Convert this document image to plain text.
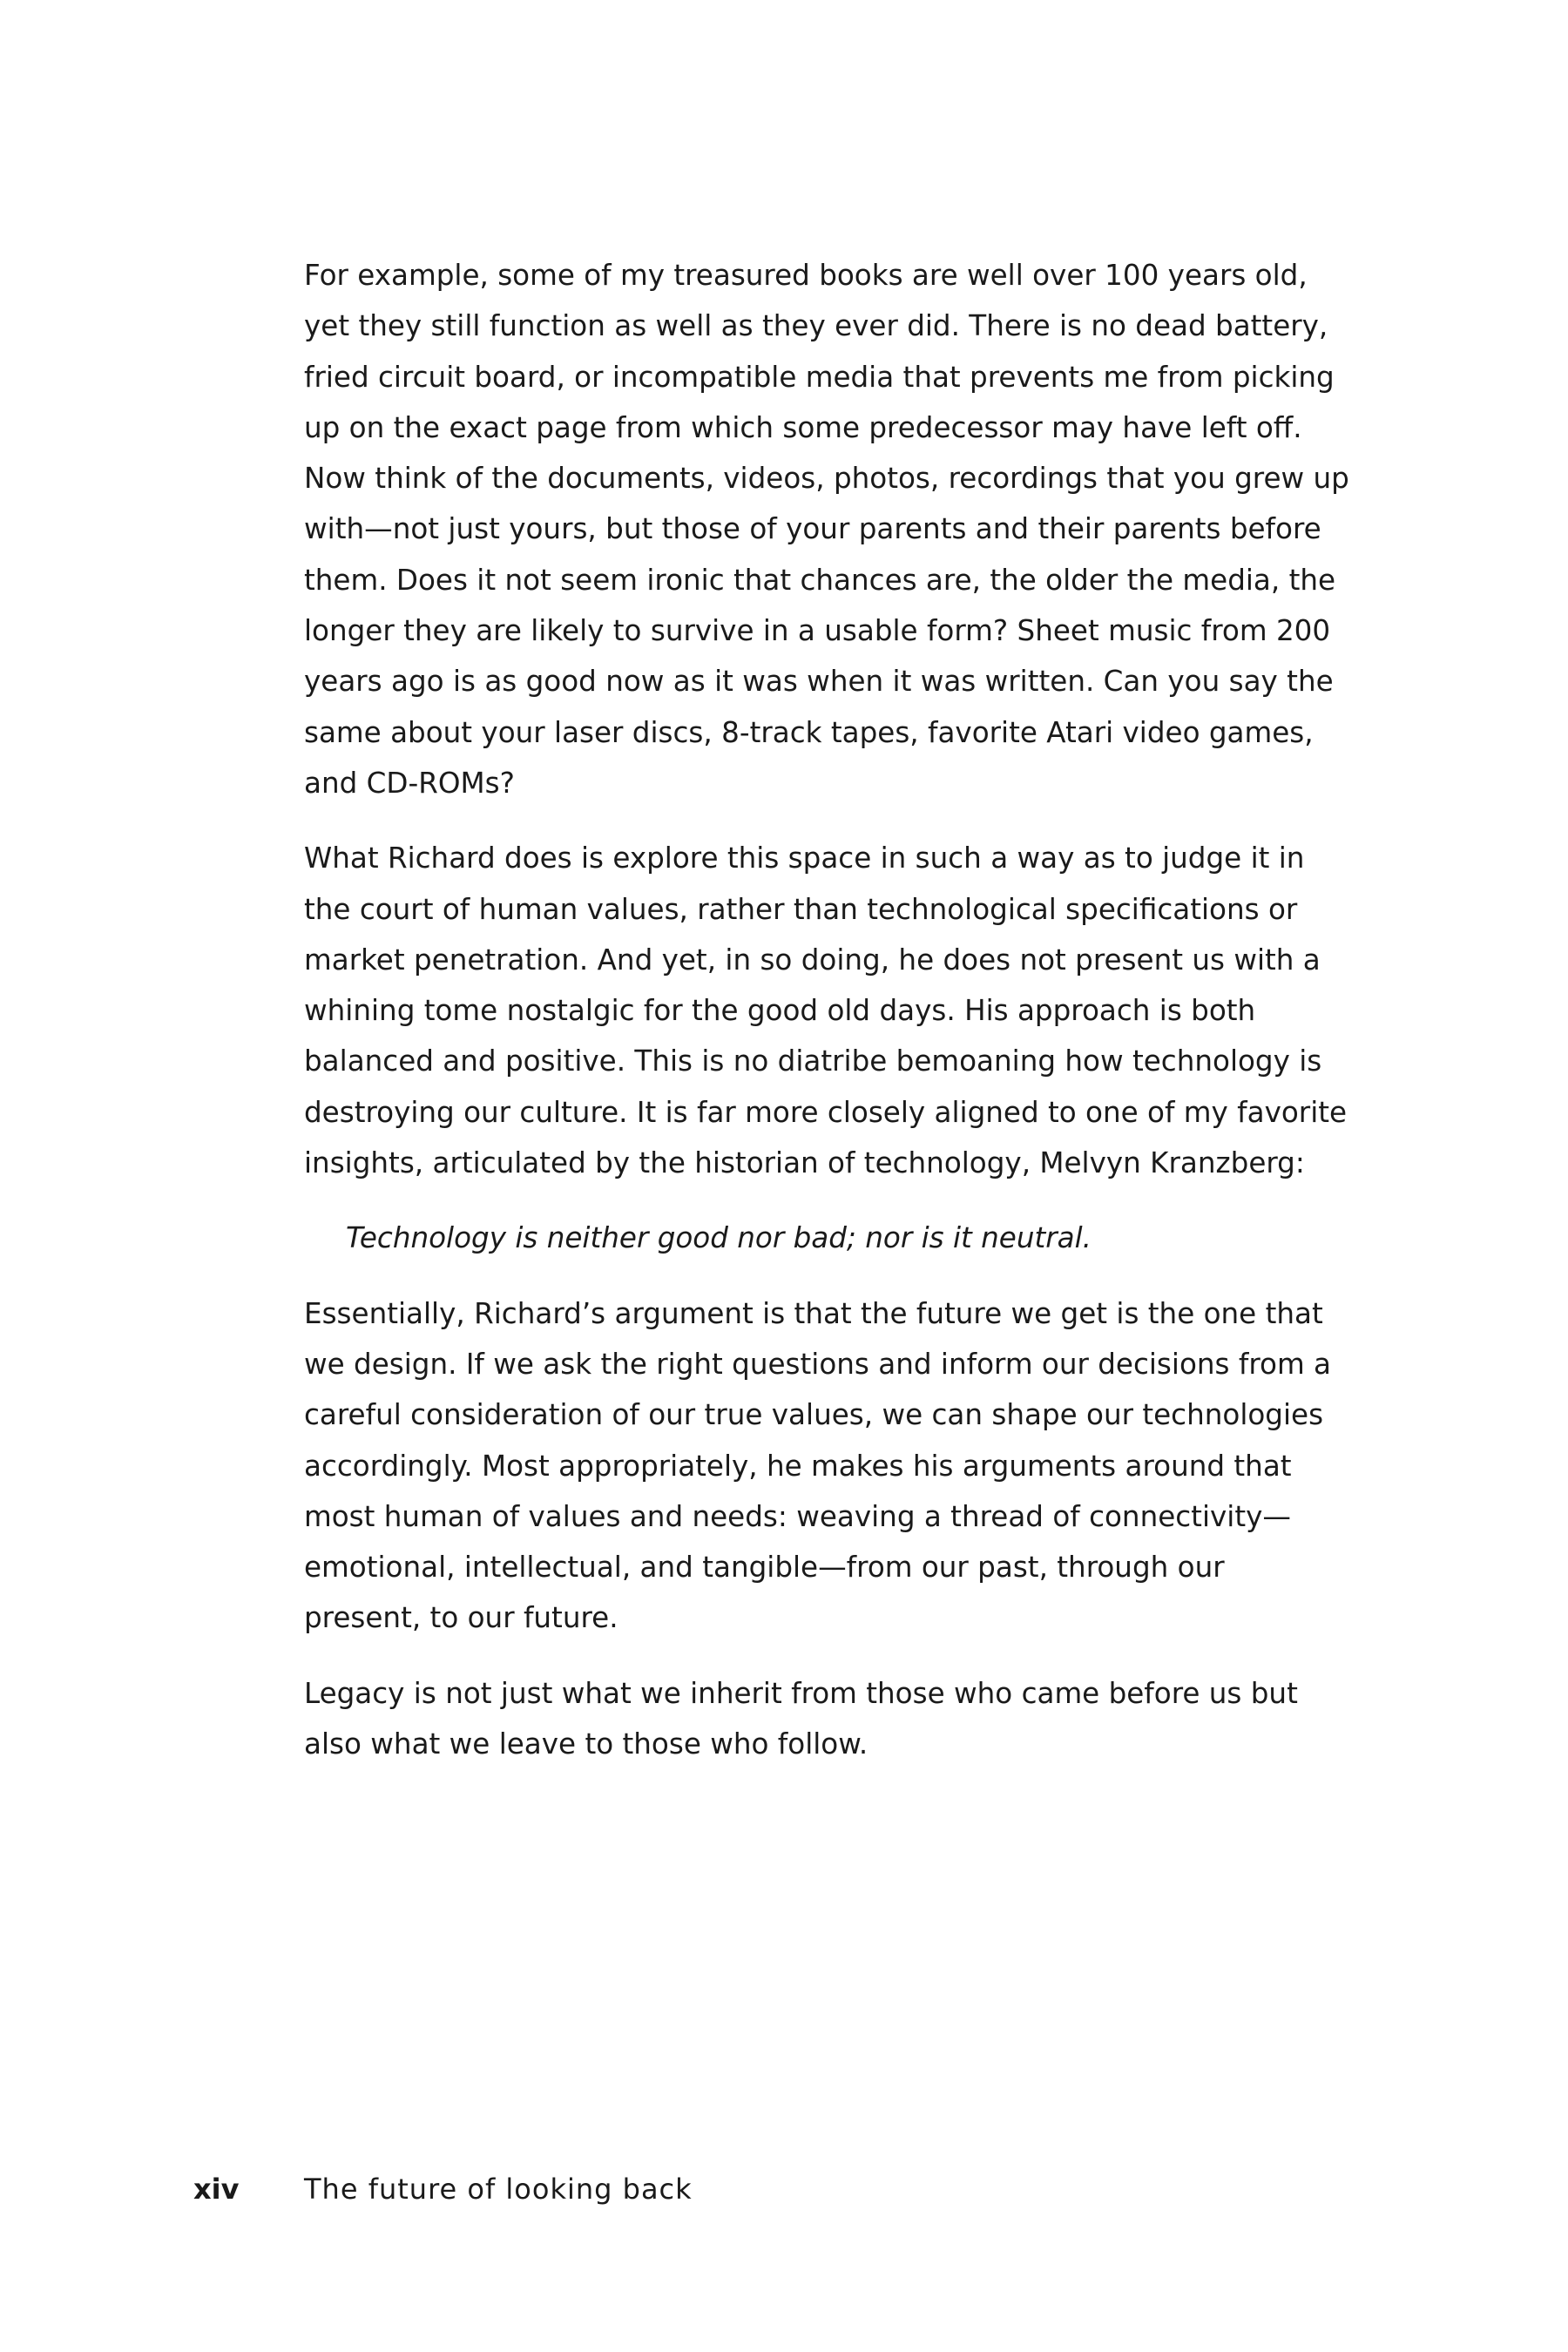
For example, some of my treasured books are well over 100 years old, yet they still function as well as they ever did. There is no dead battery, fried circuit board, or incompatible media that prevents me from picking up on the exact page from which some predecessor may have left off. Now think of the documents, videos, photos, recordings that you grew up with—not just yours, but those of your parents and their parents before them. Does it not seem ironic that chances are, the older the media, the longer they are likely to survive in a usable form? Sheet music from 200 years ago is as good now as it was when it was written. Can you say the same about your laser discs, 8-track tapes, favorite Atari video games, and CD-ROMs?

What Richard does is explore this space in such a way as to judge it in the court of human values, rather than technological specifications or market penetration. And yet, in so doing, he does not present us with a whining tome nostalgic for the good old days. His approach is both balanced and positive. This is no diatribe bemoaning how technology is destroying our culture. It is far more closely aligned to one of my favorite insights, articulated by the historian of technology, Melvyn Kranzberg:

Technology is neither good nor bad; nor is it neutral.

Essentially, Richard’s argument is that the future we get is the one that we design. If we ask the right questions and inform our decisions from a careful consideration of our true values, we can shape our technologies accordingly. Most appropriately, he makes his arguments around that most human of values and needs: weaving a thread of connectivity—emotional, intellectual, and tangible—from our past, through our present, to our future.

Legacy is not just what we inherit from those who came before us but also what we leave to those who follow.

xiv The future of looking back
